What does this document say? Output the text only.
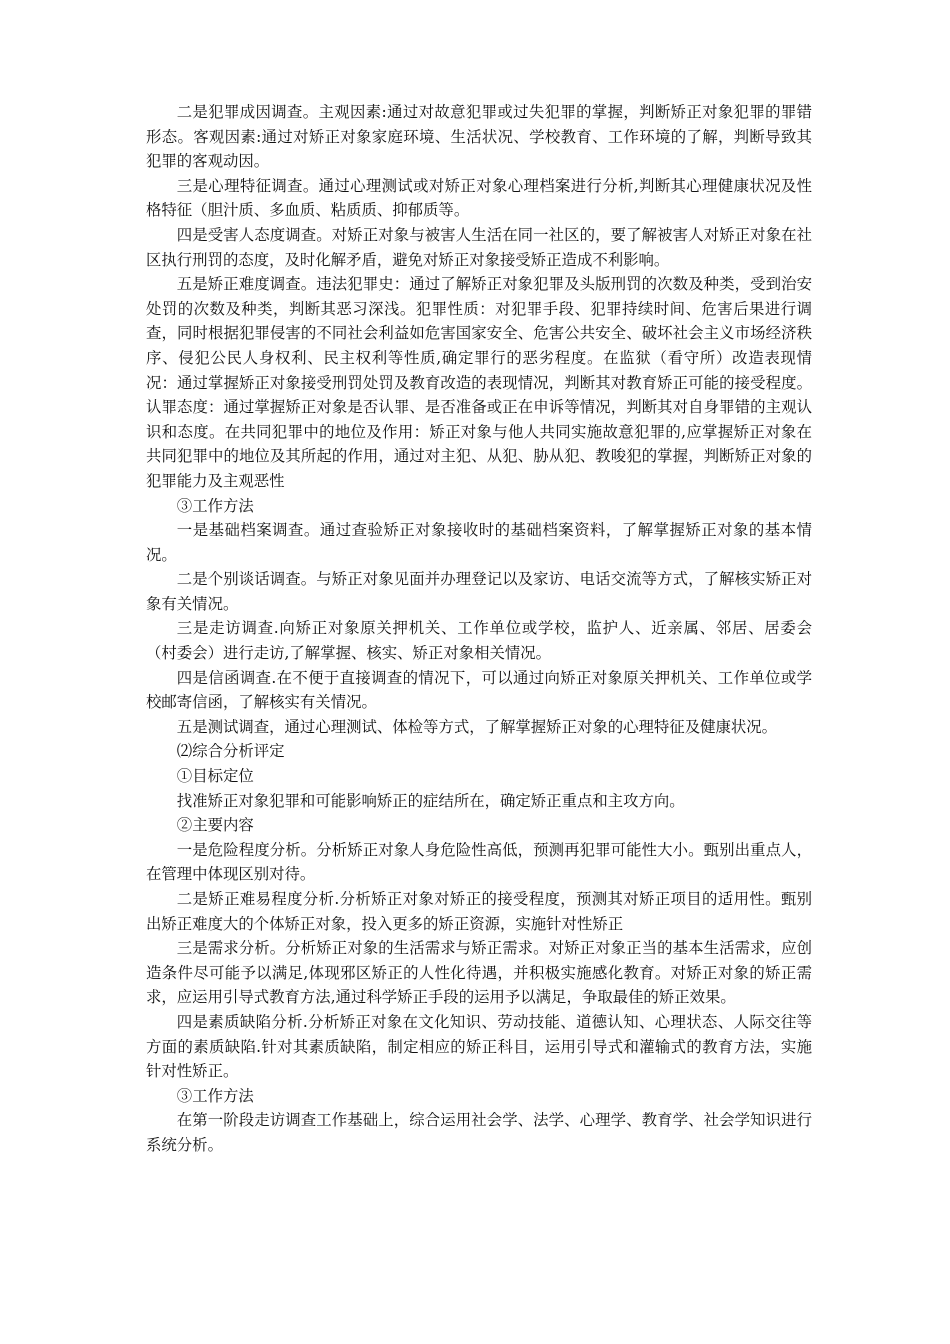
二是犯罪成因调查。主观因素:通过对故意犯罪或过失犯罪的掌握，判断矫正对象犯罪的罪错形态。客观因素:通过对矫正对象家庭环境、生活状况、学校教育、工作环境的了解，判断导致其犯罪的客观动因。

三是心理特征调查。通过心理测试或对矫正对象心理档案进行分析,判断其心理健康状况及性格特征（胆汁质、多血质、粘质质、抑郁质等。

四是受害人态度调查。对矫正对象与被害人生活在同一社区的，要了解被害人对矫正对象在社区执行刑罚的态度，及时化解矛盾，避免对矫正对象接受矫正造成不利影响。

五是矫正难度调查。违法犯罪史：通过了解矫正对象犯罪及头版刑罚的次数及种类，受到治安处罚的次数及种类，判断其恶习深浅。犯罪性质：对犯罪手段、犯罪持续时间、危害后果进行调查，同时根据犯罪侵害的不同社会利益如危害国家安全、危害公共安全、破坏社会主义市场经济秩序、侵犯公民人身权利、民主权利等性质,确定罪行的恶劣程度。在监狱（看守所）改造表现情况：通过掌握矫正对象接受刑罚处罚及教育改造的表现情况，判断其对教育矫正可能的接受程度。认罪态度：通过掌握矫正对象是否认罪、是否准备或正在申诉等情况，判断其对自身罪错的主观认识和态度。在共同犯罪中的地位及作用：矫正对象与他人共同实施故意犯罪的,应掌握矫正对象在共同犯罪中的地位及其所起的作用，通过对主犯、从犯、胁从犯、教唆犯的掌握，判断矫正对象的犯罪能力及主观恶性

③工作方法

一是基础档案调查。通过查验矫正对象接收时的基础档案资料，了解掌握矫正对象的基本情况。

二是个别谈话调查。与矫正对象见面并办理登记以及家访、电话交流等方式，了解核实矫正对象有关情况。

三是走访调查.向矫正对象原关押机关、工作单位或学校，监护人、近亲属、邻居、居委会（村委会）进行走访,了解掌握、核实、矫正对象相关情况。

四是信函调查.在不便于直接调查的情况下，可以通过向矫正对象原关押机关、工作单位或学校邮寄信函，了解核实有关情况。

五是测试调查，通过心理测试、体检等方式，了解掌握矫正对象的心理特征及健康状况。

⑵综合分析评定

①目标定位

找准矫正对象犯罪和可能影响矫正的症结所在，确定矫正重点和主攻方向。

②主要内容

一是危险程度分析。分析矫正对象人身危险性高低，预测再犯罪可能性大小。甄别出重点人，在管理中体现区别对待。

二是矫正难易程度分析.分析矫正对象对矫正的接受程度，预测其对矫正项目的适用性。甄别出矫正难度大的个体矫正对象，投入更多的矫正资源，实施针对性矫正

三是需求分析。分析矫正对象的生活需求与矫正需求。对矫正对象正当的基本生活需求，应创造条件尽可能予以满足,体现邪区矫正的人性化待遇，并积极实施感化教育。对矫正对象的矫正需求，应运用引导式教育方法,通过科学矫正手段的运用予以满足，争取最佳的矫正效果。

四是素质缺陷分析.分析矫正对象在文化知识、劳动技能、道德认知、心理状态、人际交往等方面的素质缺陷.针对其素质缺陷，制定相应的矫正科目，运用引导式和灌输式的教育方法，实施针对性矫正。

③工作方法

在第一阶段走访调查工作基础上，综合运用社会学、法学、心理学、教育学、社会学知识进行系统分析。
